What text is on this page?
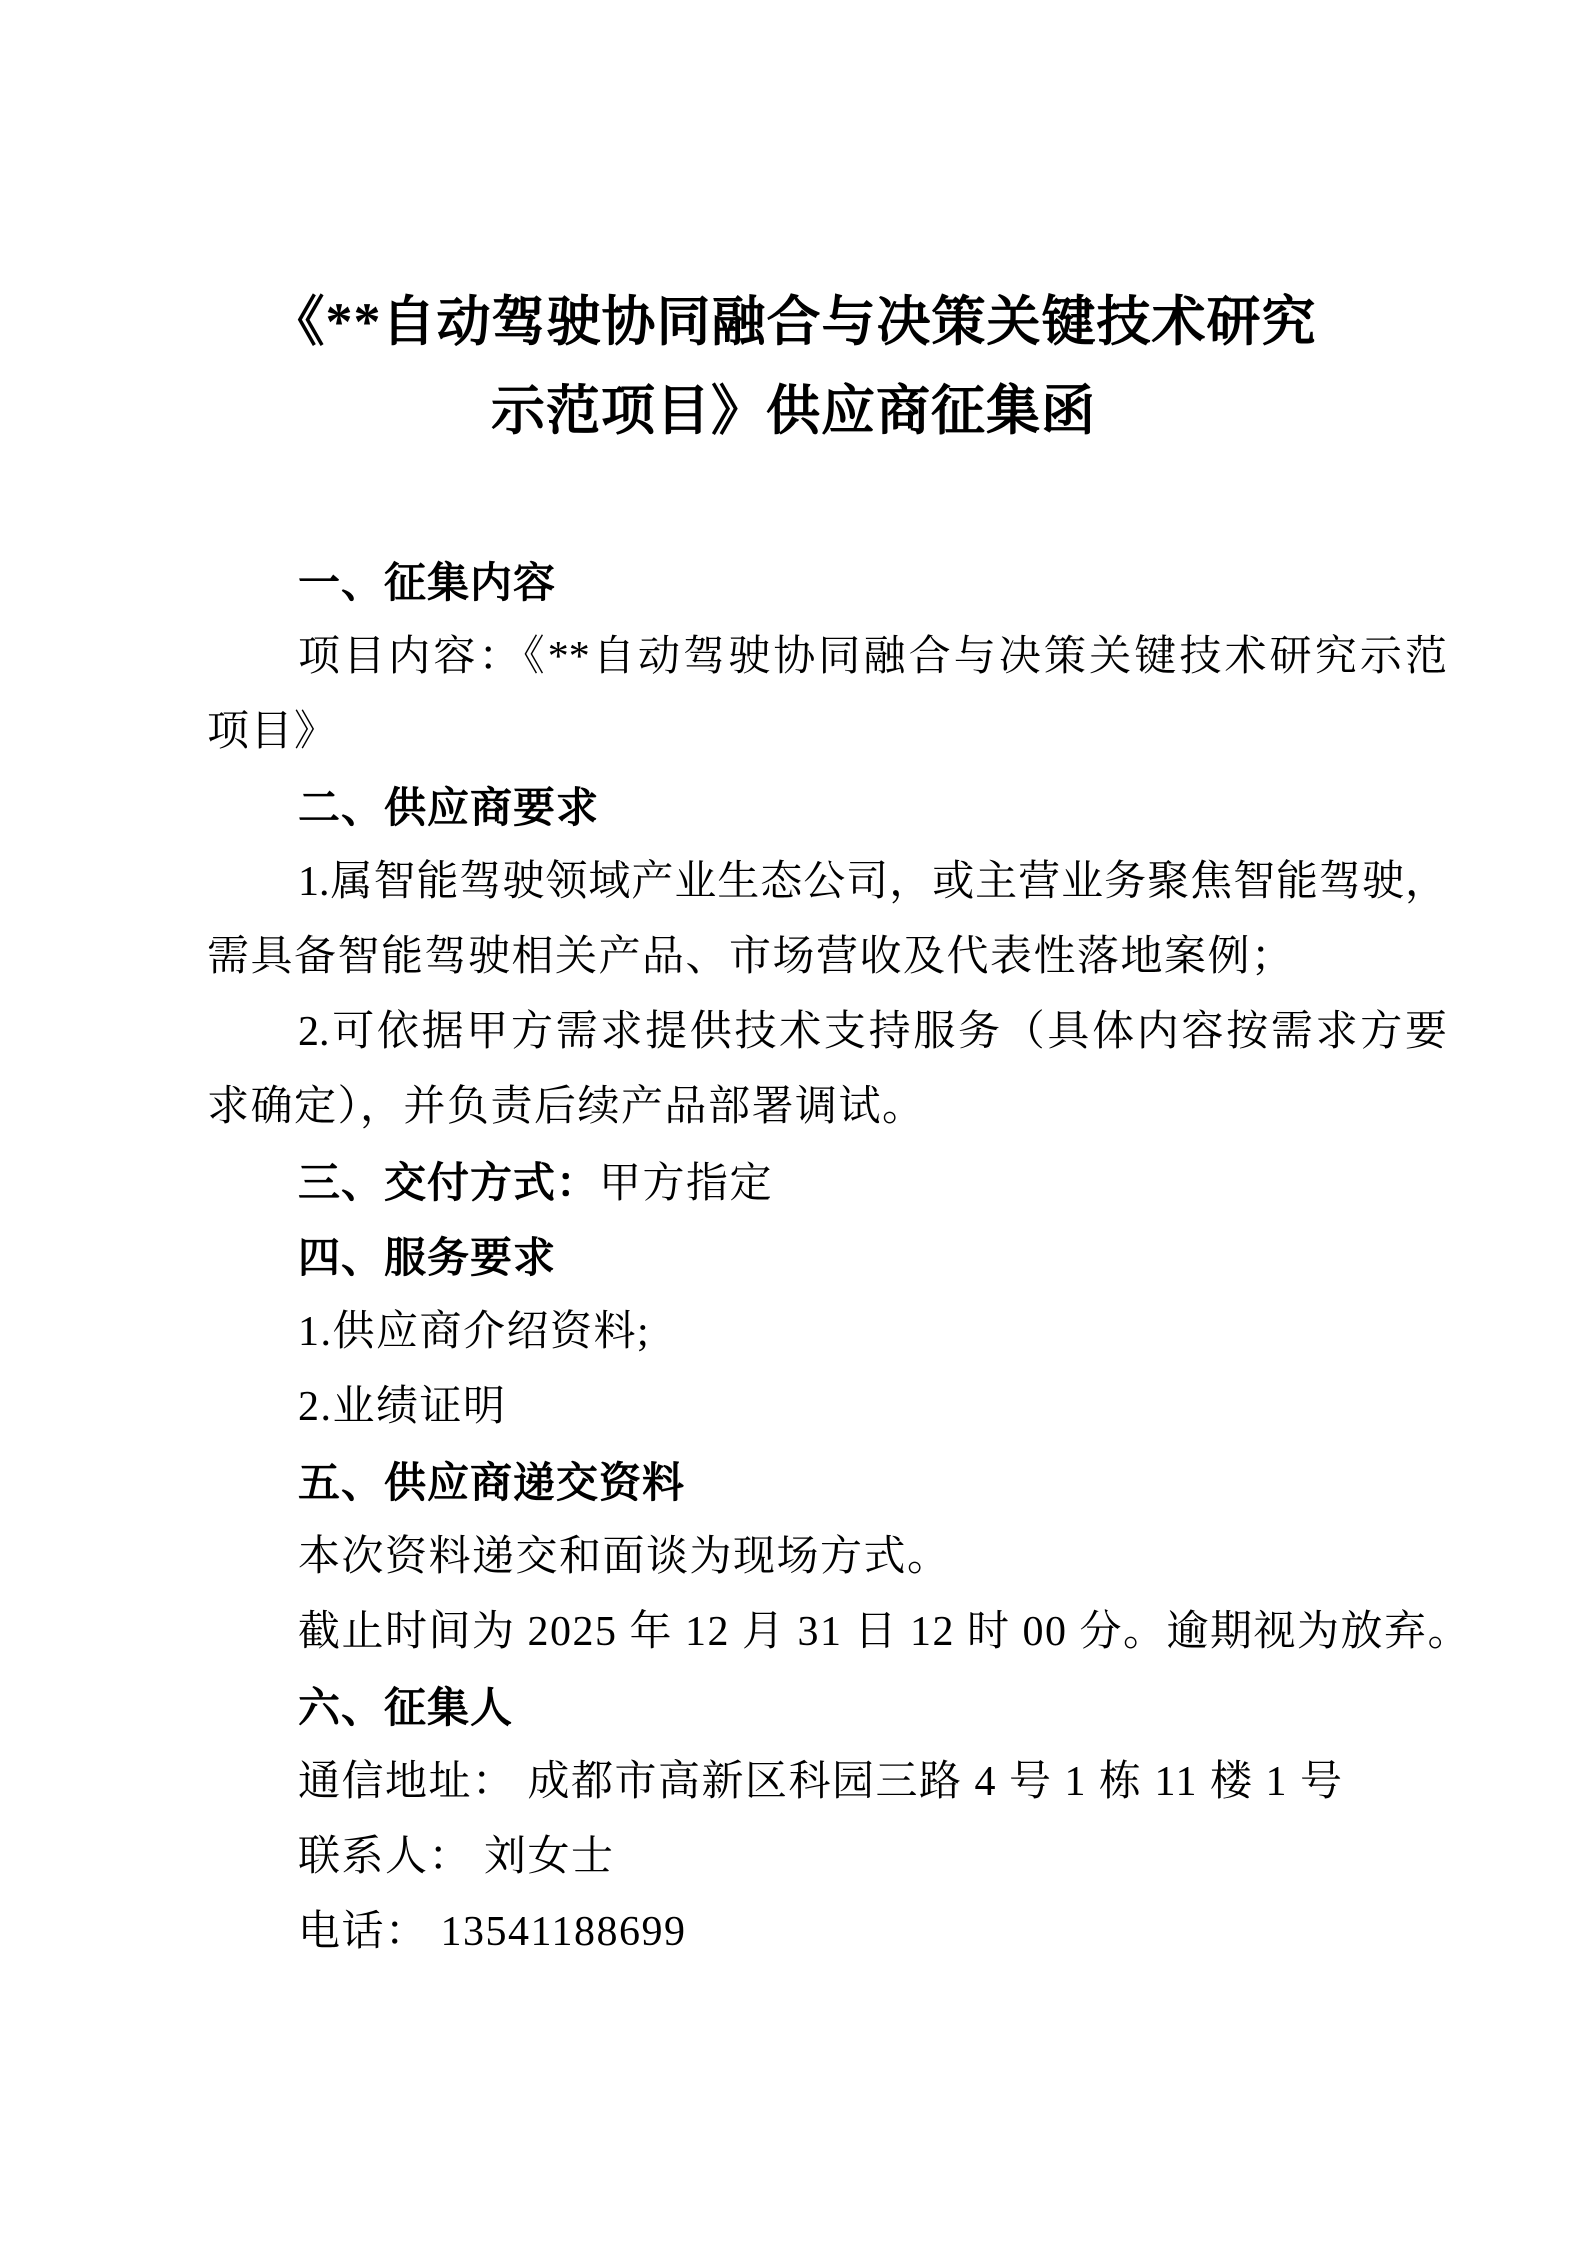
《**自动驾驶协同融合与决策关键技术研究
示范项目》供应商征集函
一、征集内容
项目内容：《**自动驾驶协同融合与决策关键技术研究示范
项目》
二、供应商要求
1.属智能驾驶领域产业生态公司，或主营业务聚焦智能驾驶，
需具备智能驾驶相关产品、市场营收及代表性落地案例；
2.可依据甲方需求提供技术支持服务（具体内容按需求方要
求确定），并负责后续产品部署调试。
三、交付方式：甲方指定
四、服务要求
1.供应商介绍资料;
2.业绩证明
五、供应商递交资料
本次资料递交和面谈为现场方式。
截止时间为 2025 年 12 月 31 日 12 时 00 分。逾期视为放弃。
六、征集人
通信地址： 成都市高新区科园三路 4 号 1 栋 11 楼 1 号
联系人： 刘女士
电话： 13541188699
